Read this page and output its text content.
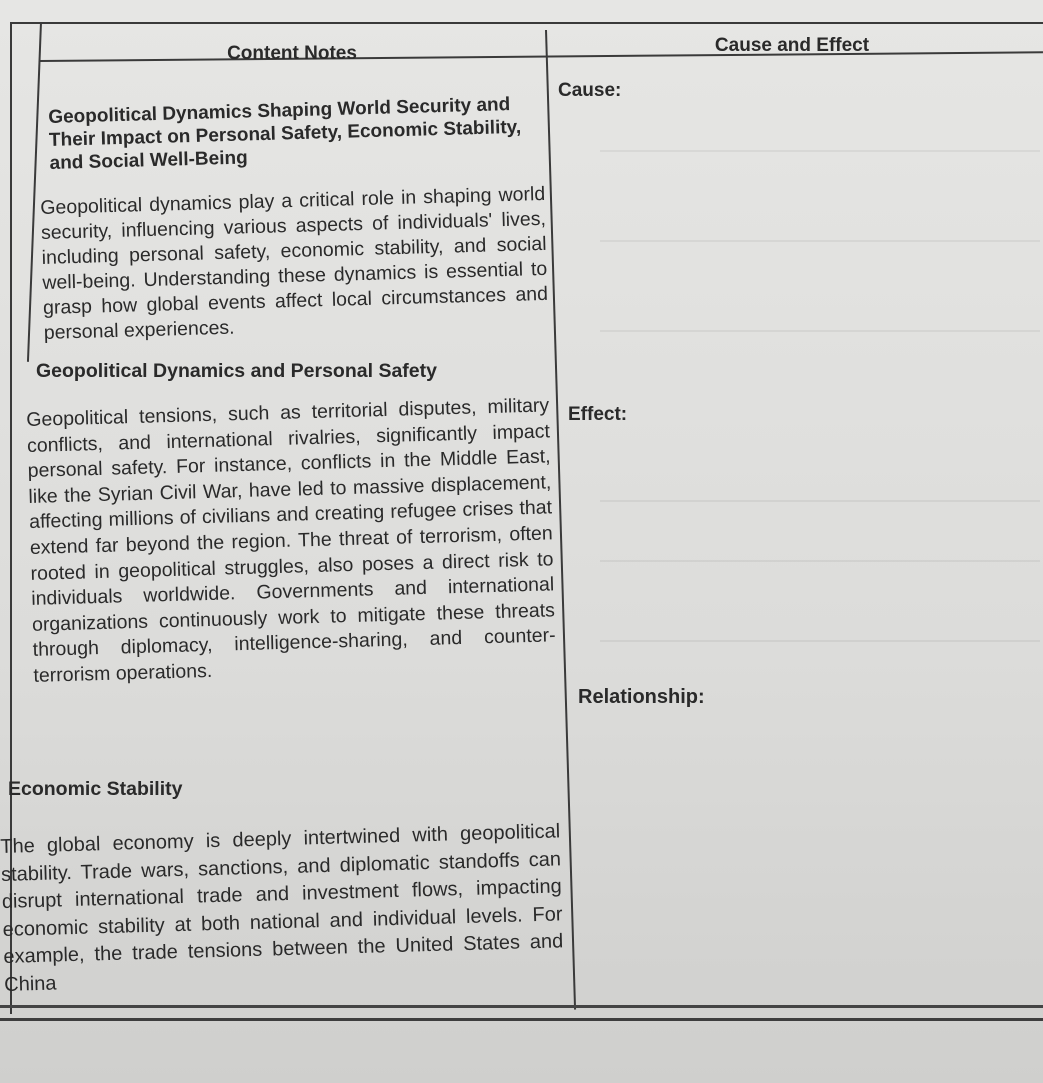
Content Notes	Cause and Effect
Geopolitical Dynamics Shaping World Security and Their Impact on Personal Safety, Economic Stability, and Social Well-Being
Geopolitical dynamics play a critical role in shaping world security, influencing various aspects of individuals' lives, including personal safety, economic stability, and social well-being. Understanding these dynamics is essential to grasp how global events affect local circumstances and personal experiences.
Geopolitical Dynamics and Personal Safety
Geopolitical tensions, such as territorial disputes, military conflicts, and international rivalries, significantly impact personal safety. For instance, conflicts in the Middle East, like the Syrian Civil War, have led to massive displacement, affecting millions of civilians and creating refugee crises that extend far beyond the region. The threat of terrorism, often rooted in geopolitical struggles, also poses a direct risk to individuals worldwide. Governments and international organizations continuously work to mitigate these threats through diplomacy, intelligence-sharing, and counter-terrorism operations.
Economic Stability
The global economy is deeply intertwined with geopolitical stability. Trade wars, sanctions, and diplomatic standoffs can disrupt international trade and investment flows, impacting economic stability at both national and individual levels. For example, the trade tensions between the United States and China
Cause:
Effect:
Relationship:
